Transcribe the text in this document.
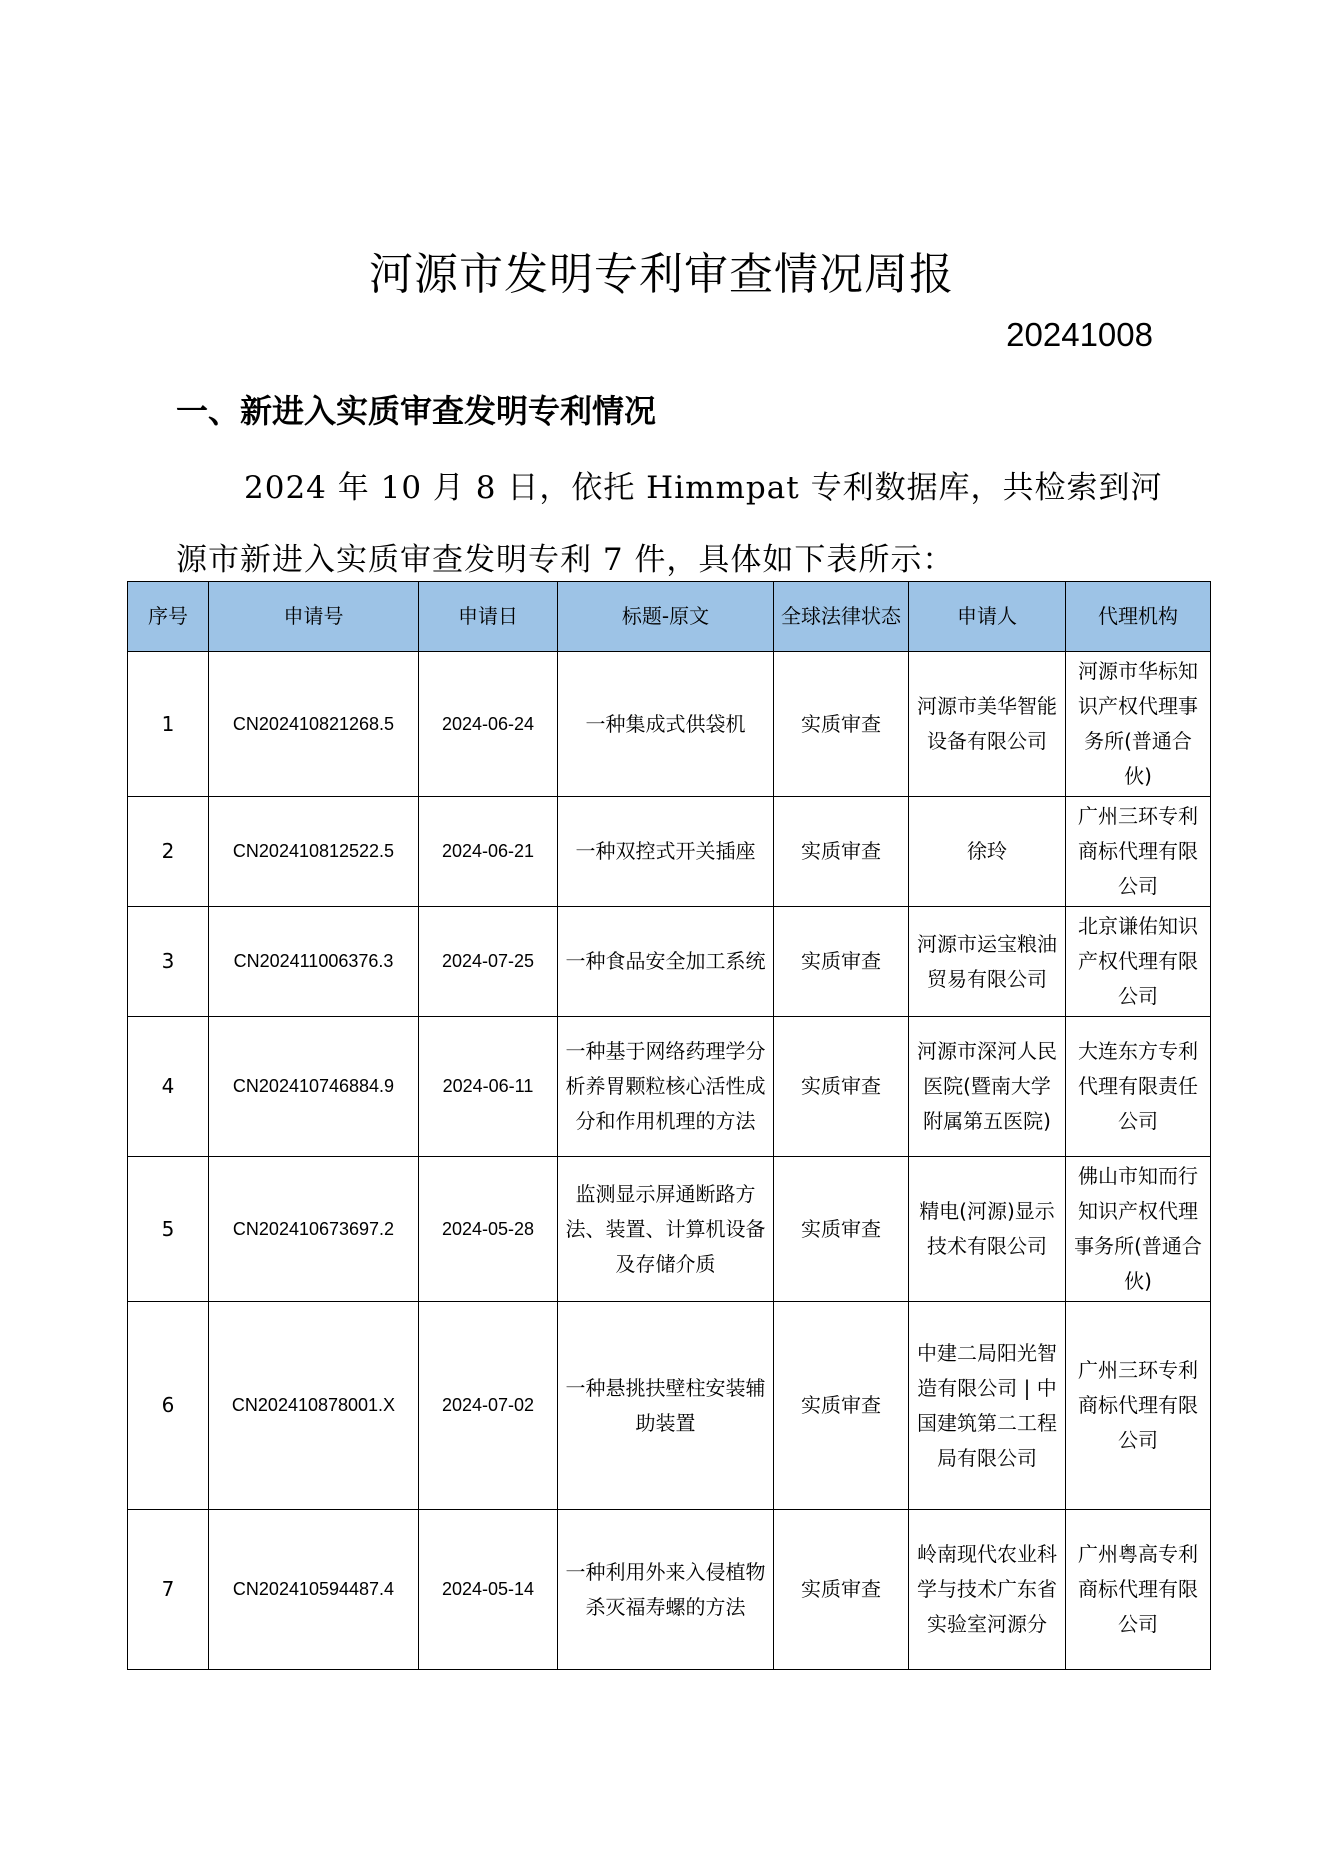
河源市发明专利审查情况周报
20241008
一、新进入实质审查发明专利情况

2024 年 10 月 8 日，依托 Himmpat 专利数据库，共检索到河源市新进入实质审查发明专利 7 件，具体如下表所示：

序号	申请号	申请日	标题-原文	全球法律状态	申请人	代理机构
1	CN202410821268.5	2024-06-24	一种集成式供袋机	实质审查	河源市美华智能设备有限公司	河源市华标知识产权代理事务所(普通合伙)
2	CN202410812522.5	2024-06-21	一种双控式开关插座	实质审查	徐玲	广州三环专利商标代理有限公司
3	CN202411006376.3	2024-07-25	一种食品安全加工系统	实质审查	河源市运宝粮油贸易有限公司	北京谦佑知识产权代理有限公司
4	CN202410746884.9	2024-06-11	一种基于网络药理学分析养胃颗粒核心活性成分和作用机理的方法	实质审查	河源市深河人民医院(暨南大学附属第五医院)	大连东方专利代理有限责任公司
5	CN202410673697.2	2024-05-28	监测显示屏通断路方法、装置、计算机设备及存储介质	实质审查	精电(河源)显示技术有限公司	佛山市知而行知识产权代理事务所(普通合伙)
6	CN202410878001.X	2024-07-02	一种悬挑扶壁柱安装辅助装置	实质审查	中建二局阳光智造有限公司 | 中国建筑第二工程局有限公司	广州三环专利商标代理有限公司
7	CN202410594487.4	2024-05-14	一种利用外来入侵植物杀灭福寿螺的方法	实质审查	岭南现代农业科学与技术广东省实验室河源分	广州粤高专利商标代理有限公司
